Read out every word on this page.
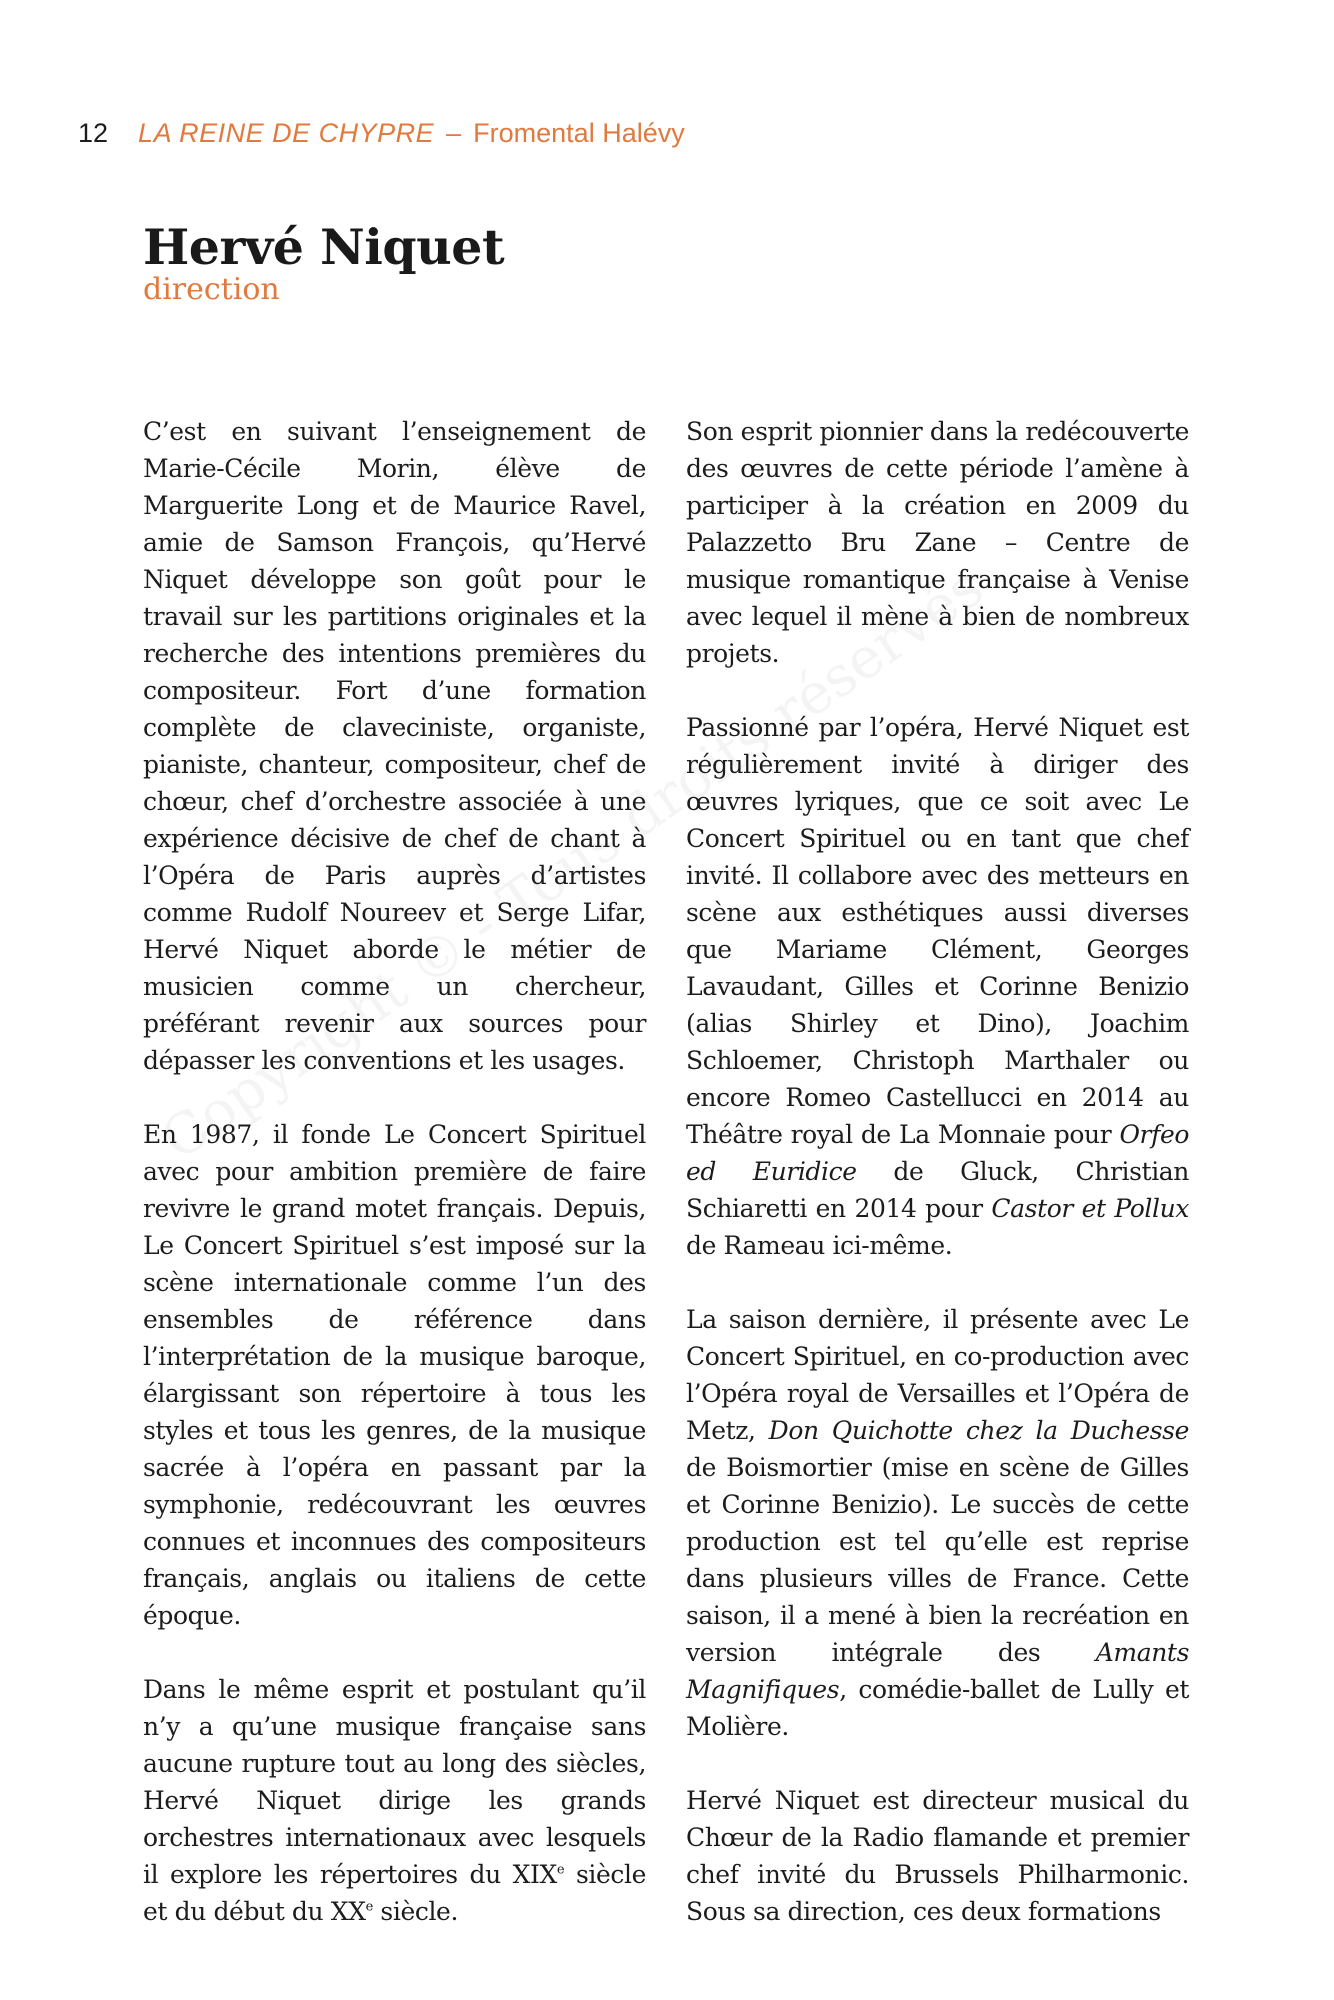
12 LA REINE DE CHYPRE – Fromental Halévy
Hervé Niquet
direction

C’est en suivant l’enseignement de Marie-Cécile Morin, élève de Marguerite Long et de Maurice Ravel, amie de Samson François, qu’Hervé Niquet développe son goût pour le travail sur les partitions originales et la recherche des intentions premières du compositeur. Fort d’une formation complète de claveciniste, organiste, pianiste, chanteur, compositeur, chef de chœur, chef d’orchestre associée à une expérience décisive de chef de chant à l’Opéra de Paris auprès d’artistes comme Rudolf Noureev et Serge Lifar, Hervé Niquet aborde le métier de musicien comme un chercheur, préférant revenir aux sources pour dépasser les conventions et les usages.

En 1987, il fonde Le Concert Spirituel avec pour ambition première de faire revivre le grand motet français. Depuis, Le Concert Spirituel s’est imposé sur la scène internationale comme l’un des ensembles de référence dans l’interprétation de la musique baroque, élargissant son répertoire à tous les styles et tous les genres, de la musique sacrée à l’opéra en passant par la symphonie, redécouvrant les œuvres connues et inconnues des compositeurs français, anglais ou italiens de cette époque.

Dans le même esprit et postulant qu’il n’y a qu’une musique française sans aucune rupture tout au long des siècles, Hervé Niquet dirige les grands orchestres internationaux avec lesquels il explore les répertoires du XIXe siècle et du début du XXe siècle.

Son esprit pionnier dans la redécouverte des œuvres de cette période l’amène à participer à la création en 2009 du Palazzetto Bru Zane – Centre de musique romantique française à Venise avec lequel il mène à bien de nombreux projets.

Passionné par l’opéra, Hervé Niquet est régulièrement invité à diriger des œuvres lyriques, que ce soit avec Le Concert Spirituel ou en tant que chef invité. Il collabore avec des metteurs en scène aux esthétiques aussi diverses que Mariame Clément, Georges Lavaudant, Gilles et Corinne Benizio (alias Shirley et Dino), Joachim Schloemer, Christoph Marthaler ou encore Romeo Castellucci en 2014 au Théâtre royal de La Monnaie pour Orfeo ed Euridice de Gluck, Christian Schiaretti en 2014 pour Castor et Pollux de Rameau ici-même.

La saison dernière, il présente avec Le Concert Spirituel, en co-production avec l’Opéra royal de Versailles et l’Opéra de Metz, Don Quichotte chez la Duchesse de Boismortier (mise en scène de Gilles et Corinne Benizio). Le succès de cette production est tel qu’elle est reprise dans plusieurs villes de France. Cette saison, il a mené à bien la recréation en version intégrale des Amants Magnifiques, comédie-ballet de Lully et Molière.

Hervé Niquet est directeur musical du Chœur de la Radio flamande et premier chef invité du Brussels Philharmonic. Sous sa direction, ces deux formations
